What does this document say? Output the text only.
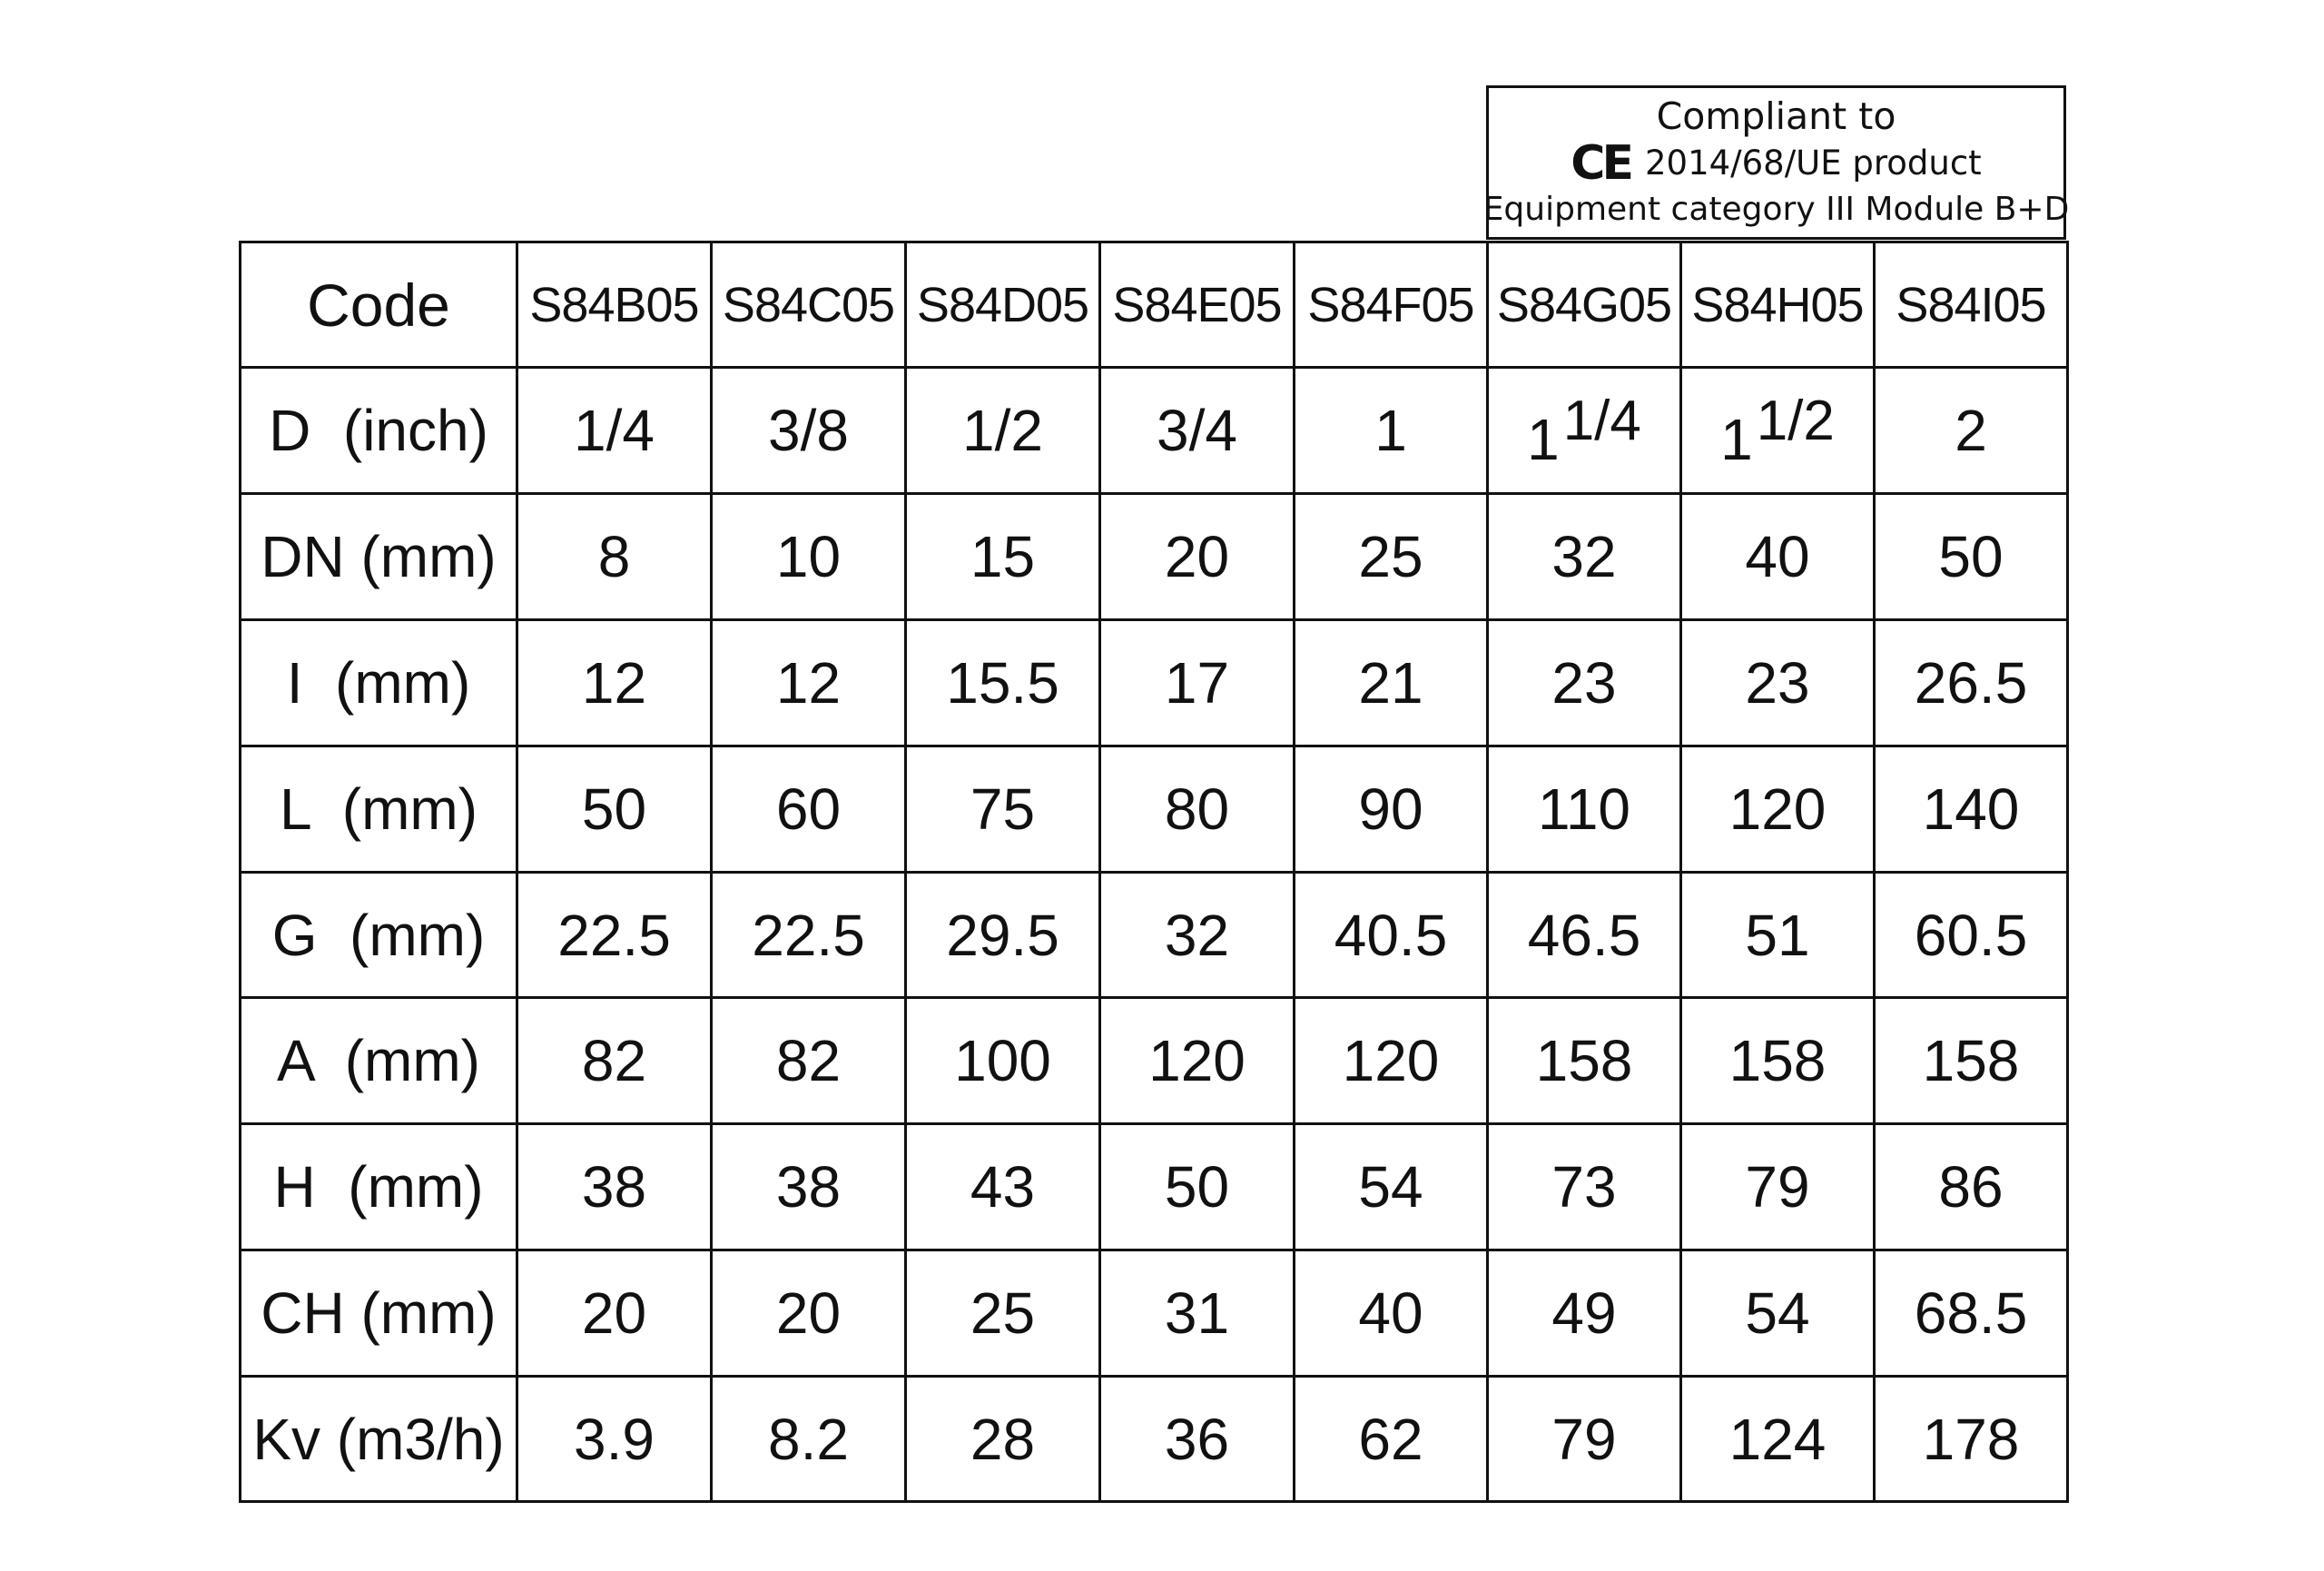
Compliant to
CE 2014/68/UE product
Equipment category III Module B+D
Code	S84B05	S84C05	S84D05	S84E05	S84F05	S84G05	S84H05	S84I05
D  (inch)	1/4	3/8	1/2	3/4	1	$1^{1/4}$	$1^{1/2}$	2
DN (mm)	8	10	15	20	25	32	40	50
I  (mm)	12	12	15.5	17	21	23	23	26.5
L  (mm)	50	60	75	80	90	110	120	140
G  (mm)	22.5	22.5	29.5	32	40.5	46.5	51	60.5
A  (mm)	82	82	100	120	120	158	158	158
H  (mm)	38	38	43	50	54	73	79	86
CH (mm)	20	20	25	31	40	49	54	68.5
Kv (m3/h)	3.9	8.2	28	36	62	79	124	178
